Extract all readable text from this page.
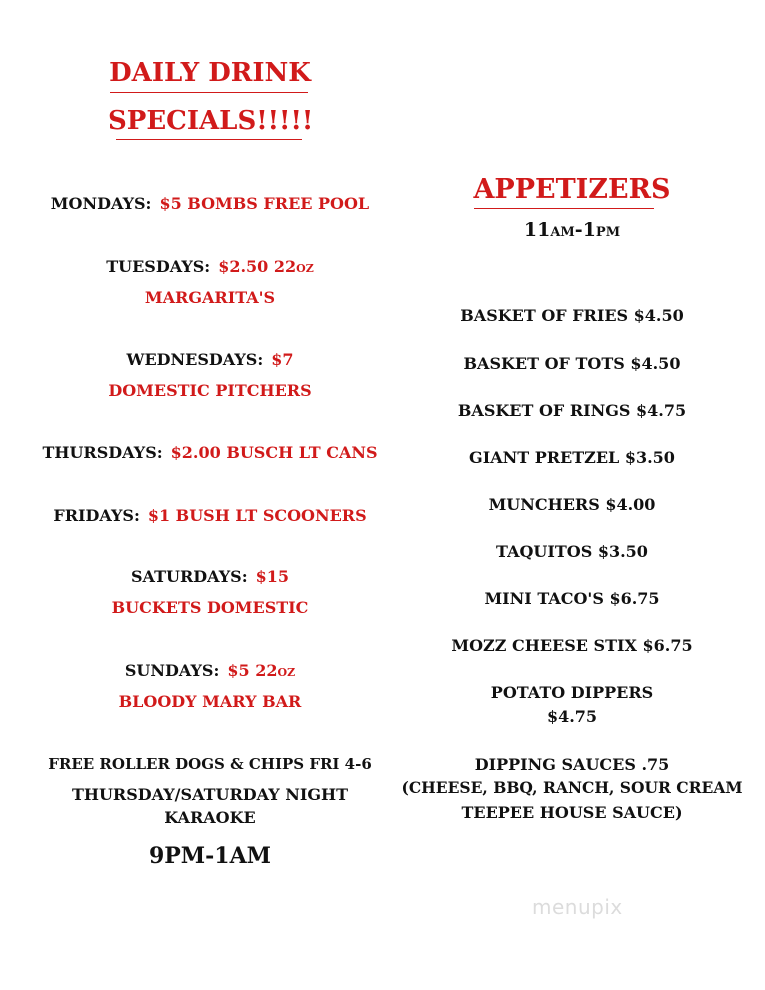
DAILY DRINK
SPECIALS!!!!!
MONDAYS: $5 BOMBS FREE POOL
TUESDAYS: $2.50 22oz
MARGARITA'S
WEDNESDAYS: $7
DOMESTIC PITCHERS
THURSDAYS: $2.00 BUSCH LT CANS
FRIDAYS: $1 BUSH LT SCOONERS
SATURDAYS: $15
BUCKETS DOMESTIC
SUNDAYS: $5 22oz
BLOODY MARY BAR
FREE ROLLER DOGS & CHIPS FRI 4-6
THURSDAY/SATURDAY NIGHT
KARAOKE
9PM-1AM
APPETIZERS
11am-1pm
BASKET OF FRIES $4.50
BASKET OF TOTS $4.50
BASKET OF RINGS $4.75
GIANT PRETZEL $3.50
MUNCHERS $4.00
TAQUITOS $3.50
MINI TACO'S $6.75
MOZZ CHEESE STIX $6.75
POTATO DIPPERS
$4.75
DIPPING SAUCES .75
(CHEESE, BBQ, RANCH, SOUR CREAM
TEEPEE HOUSE SAUCE)
menupix
